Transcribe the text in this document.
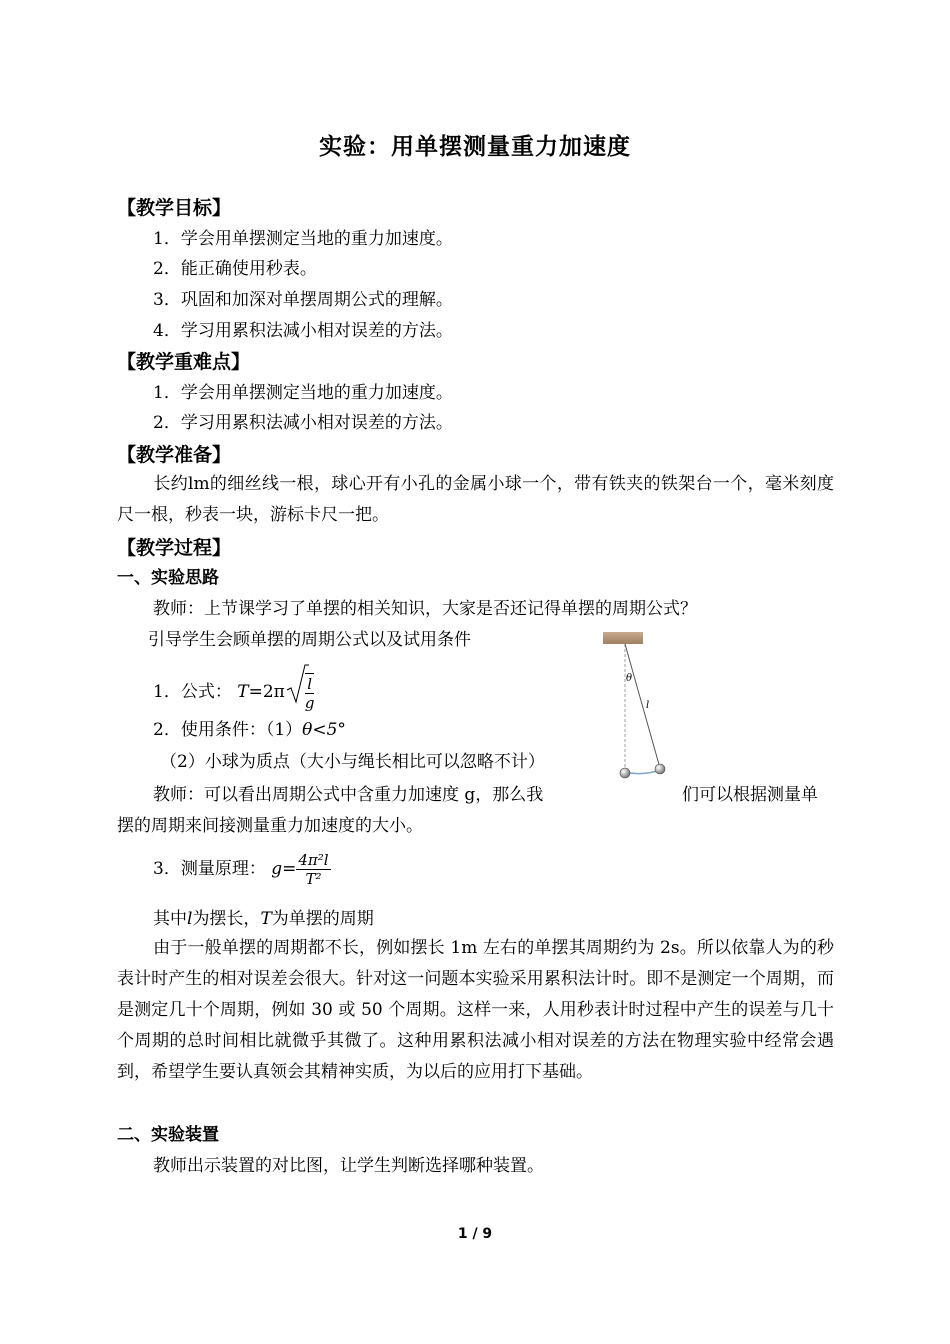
实验：用单摆测量重力加速度
【教学目标】
1．学会用单摆测定当地的重力加速度。
2．能正确使用秒表。
3．巩固和加深对单摆周期公式的理解。
4．学习用累积法减小相对误差的方法。
【教学重难点】
1．学会用单摆测定当地的重力加速度。
2．学习用累积法减小相对误差的方法。
【教学准备】
长约lm的细丝线一根，球心开有小孔的金属小球一个，带有铁夹的铁架台一个，毫米刻度尺一根，秒表一块，游标卡尺一把。
【教学过程】
一、实验思路
教师：上节课学习了单摆的相关知识，大家是否还记得单摆的周期公式？
引导学生会顾单摆的周期公式以及试用条件
1．公式： $T=2\pi \frac{l}{g}$
2．使用条件：（1）θ<5°
（2）小球为质点（大小与绳长相比可以忽略不计）
教师：可以看出周期公式中含重力加速度 g，那么我	们可以根据测量单
摆的周期来间接测量重力加速度的大小。
3．测量原理： $g= \frac{\text{4π²l}}{\text{T²}}$
其中l为摆长，T为单摆的周期
由于一般单摆的周期都不长，例如摆长 1m 左右的单摆其周期约为 2s。所以依靠人为的秒表计时产生的相对误差会很大。针对这一问题本实验采用累积法计时。即不是测定一个周期，而是测定几十个周期，例如 30 或 50 个周期。这样一来，人用秒表计时过程中产生的误差与几十个周期的总时间相比就微乎其微了。这种用累积法减小相对误差的方法在物理实验中经常会遇到，希望学生要认真领会其精神实质，为以后的应用打下基础。
二、实验装置
教师出示装置的对比图，让学生判断选择哪种装置。
θ
l
1 / 9
